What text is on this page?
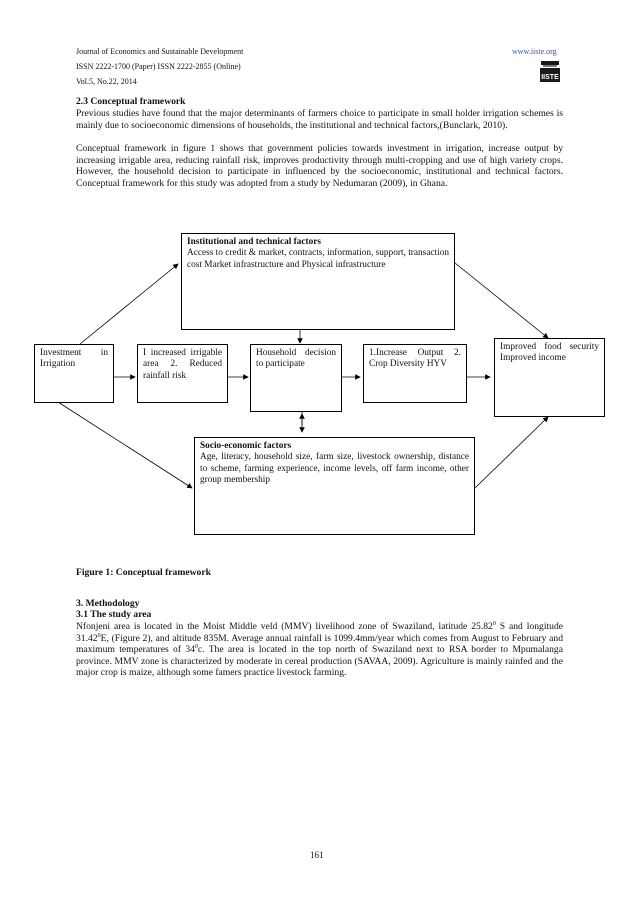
Journal of Economics and Sustainable Development	www.iiste.org
ISSN 2222-1700 (Paper) ISSN 2222-2855 (Online)
Vol.5, No.22, 2014	IISTE
2.3 Conceptual framework
Previous studies have found that the major determinants of farmers choice to participate in small holder irrigation schemes is mainly due to socioeconomic dimensions of households, the institutional and technical factors,(Bunclark, 2010).
Conceptual framework in figure 1 shows that government policies towards investment in irrigation, increase output by increasing irrigable area, reducing rainfall risk, improves productivity through multi-cropping and use of high variety crops. However, the household decision to participate in influenced by the socioeconomic, institutional and technical factors. Conceptual framework for this study was adopted from a study by Nedumaran (2009), in Ghana.
Institutional and technical factors
Access to credit & market, contracts, information, support, transaction cost Market infrastructure and Physical infrastructure
Investment in Irrigation
I increased irrigable area 2. Reduced rainfall risk
Household decision to participate
1.Increase Output 2. Crop Diversity HYV
Improved food security Improved income
Socio-economic factors
Age, literacy, household size, farm size, livestock ownership, distance to scheme, farming experience, income levels, off farm income, other group membership
Figure 1: Conceptual framework
3. Methodology
3.1 The study area
Nfonjeni area is located in the Moist Middle veld (MMV) livelihood zone of Swaziland, latitude 25.82$^0$ S and longitude 31.42$^0$E, (Figure 2), and altitude 835M. Average annual rainfall is 1099.4mm/year which comes from August to February and maximum temperatures of $34^0c$. The area is located in the top north of Swaziland next to RSA border to Mpumalanga province. MMV zone is characterized by moderate in cereal production (SAVAA, 2009). Agriculture is mainly rainfed and the major crop is maize, although some famers practice livestock farming.
161
